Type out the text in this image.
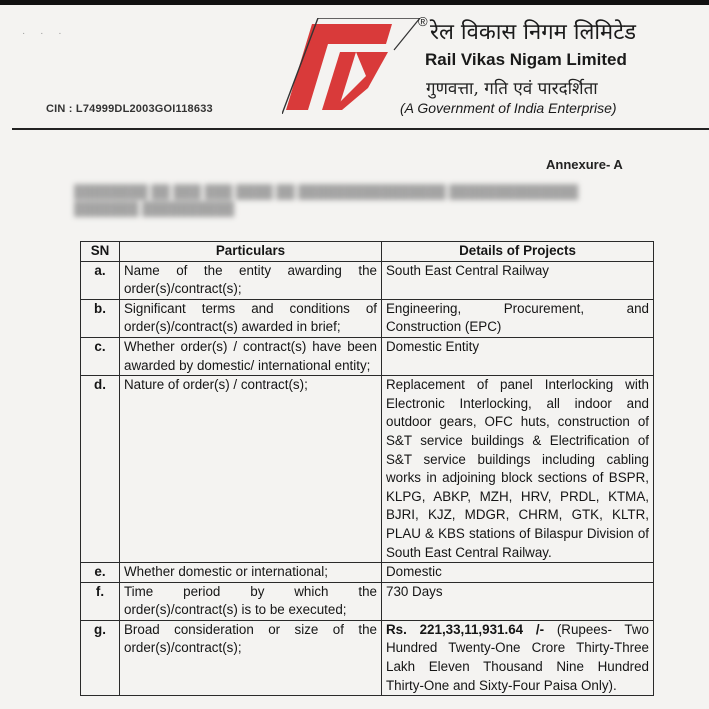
· · ·
® रेल विकास निगम लिमिटेड
Rail Vikas Nigam Limited
गुणवत्ता, गति एवं पारदर्शिता
(A Government of India Enterprise)
CIN : L74999DL2003GOI118633
Annexure- A
████████ ██ ███ ███ ████ ██ ████████████████ ██████████████
███████ ██████████
SN	Particulars	Details of Projects
a.	Name of the entity awarding the order(s)/contract(s);	South East Central Railway
b.	Significant terms and conditions of order(s)/contract(s) awarded in brief;	Engineering, Procurement, and Construction (EPC)
c.	Whether order(s) / contract(s) have been awarded by domestic/ international entity;	Domestic Entity
d.	Nature of order(s) / contract(s);	Replacement of panel Interlocking with Electronic Interlocking, all indoor and outdoor gears, OFC huts, construction of S&T service buildings & Electrification of S&T service buildings including cabling works in adjoining block sections of BSPR, KLPG, ABKP, MZH, HRV, PRDL, KTMA, BJRI, KJZ, MDGR, CHRM, GTK, KLTR, PLAU & KBS stations of Bilaspur Division of South East Central Railway.
e.	Whether domestic or international;	Domestic
f.	Time period by which the order(s)/contract(s) is to be executed;	730 Days
g.	Broad consideration or size of the order(s)/contract(s);	Rs. 221,33,11,931.64 /- (Rupees- Two Hundred Twenty-One Crore Thirty-Three Lakh Eleven Thousand Nine Hundred Thirty-One and Sixty-Four Paisa Only).
